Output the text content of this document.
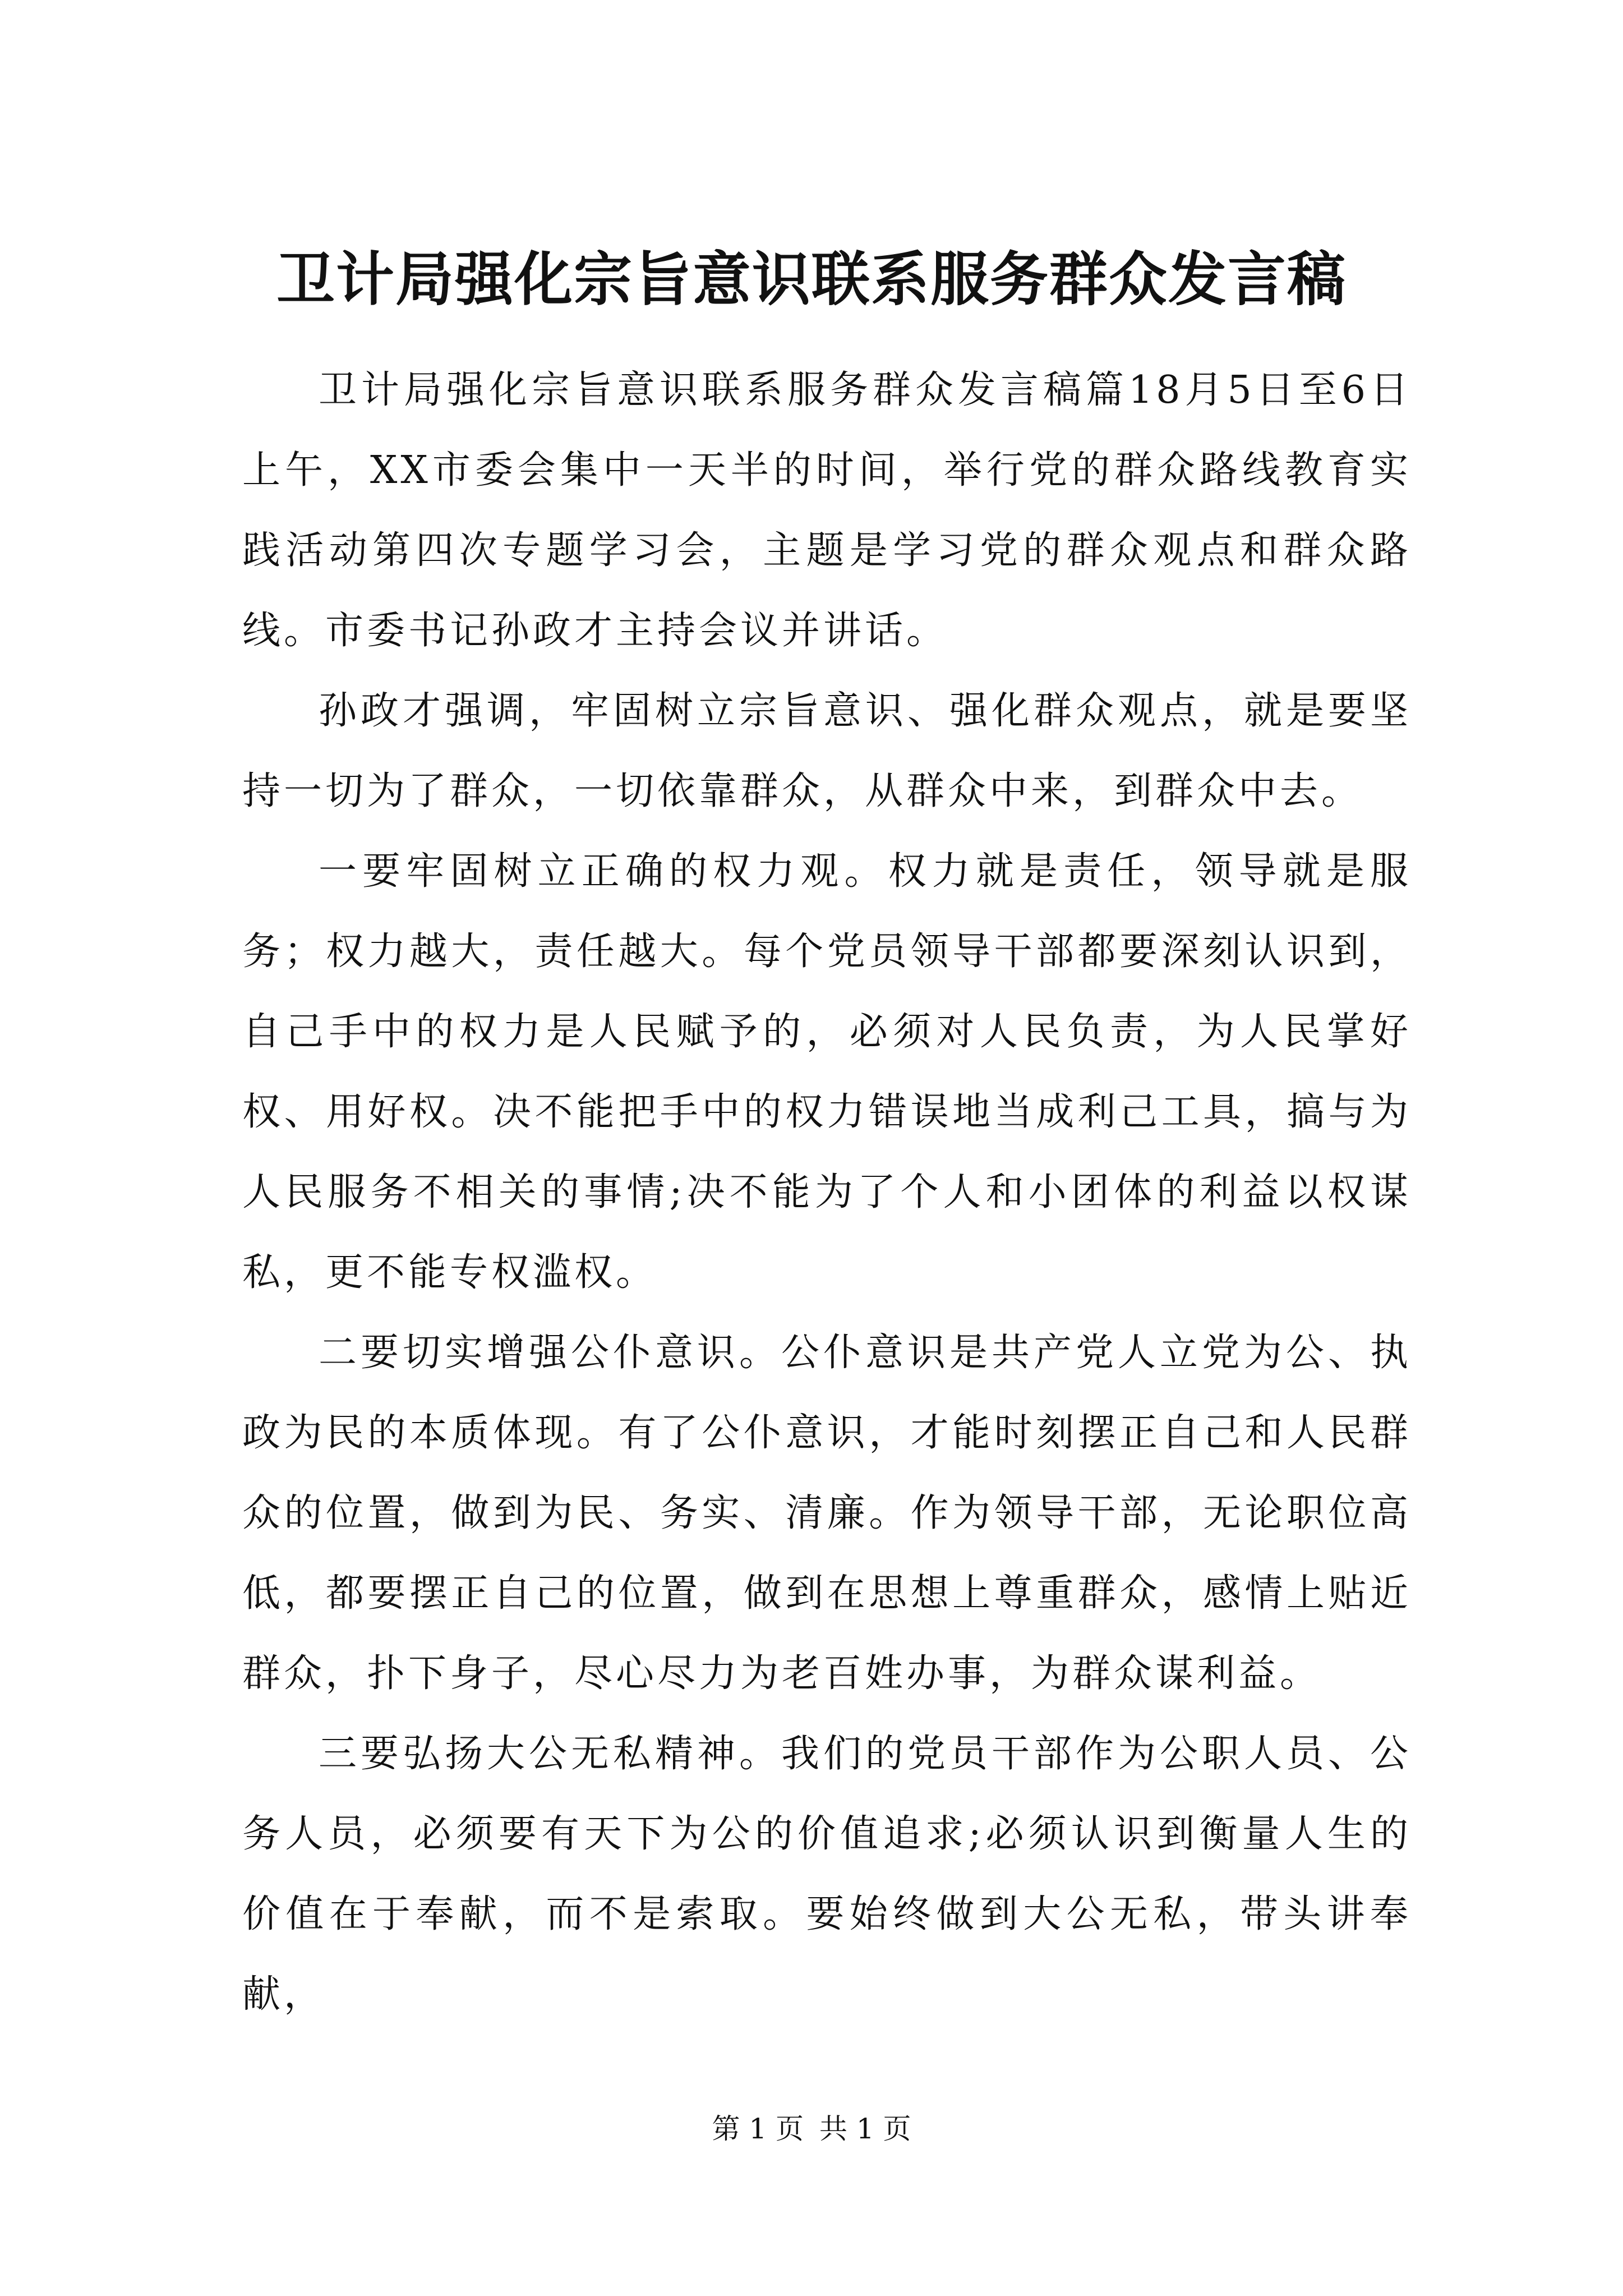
卫计局强化宗旨意识联系服务群众发言稿

卫计局强化宗旨意识联系服务群众发言稿篇18月5日至6日上午，XX市委会集中一天半的时间，举行党的群众路线教育实践活动第四次专题学习会，主题是学习党的群众观点和群众路线。市委书记孙政才主持会议并讲话。

孙政才强调，牢固树立宗旨意识、强化群众观点，就是要坚持一切为了群众，一切依靠群众，从群众中来，到群众中去。

一要牢固树立正确的权力观。权力就是责任，领导就是服务；权力越大，责任越大。每个党员领导干部都要深刻认识到，自己手中的权力是人民赋予的，必须对人民负责，为人民掌好权、用好权。决不能把手中的权力错误地当成利己工具，搞与为人民服务不相关的事情;决不能为了个人和小团体的利益以权谋私，更不能专权滥权。

二要切实增强公仆意识。公仆意识是共产党人立党为公、执政为民的本质体现。有了公仆意识，才能时刻摆正自己和人民群众的位置，做到为民、务实、清廉。作为领导干部，无论职位高低，都要摆正自己的位置，做到在思想上尊重群众，感情上贴近群众，扑下身子，尽心尽力为老百姓办事，为群众谋利益。

三要弘扬大公无私精神。我们的党员干部作为公职人员、公务人员，必须要有天下为公的价值追求;必须认识到衡量人生的价值在于奉献，而不是索取。要始终做到大公无私，带头讲奉献，

第 1 页 共 1 页
